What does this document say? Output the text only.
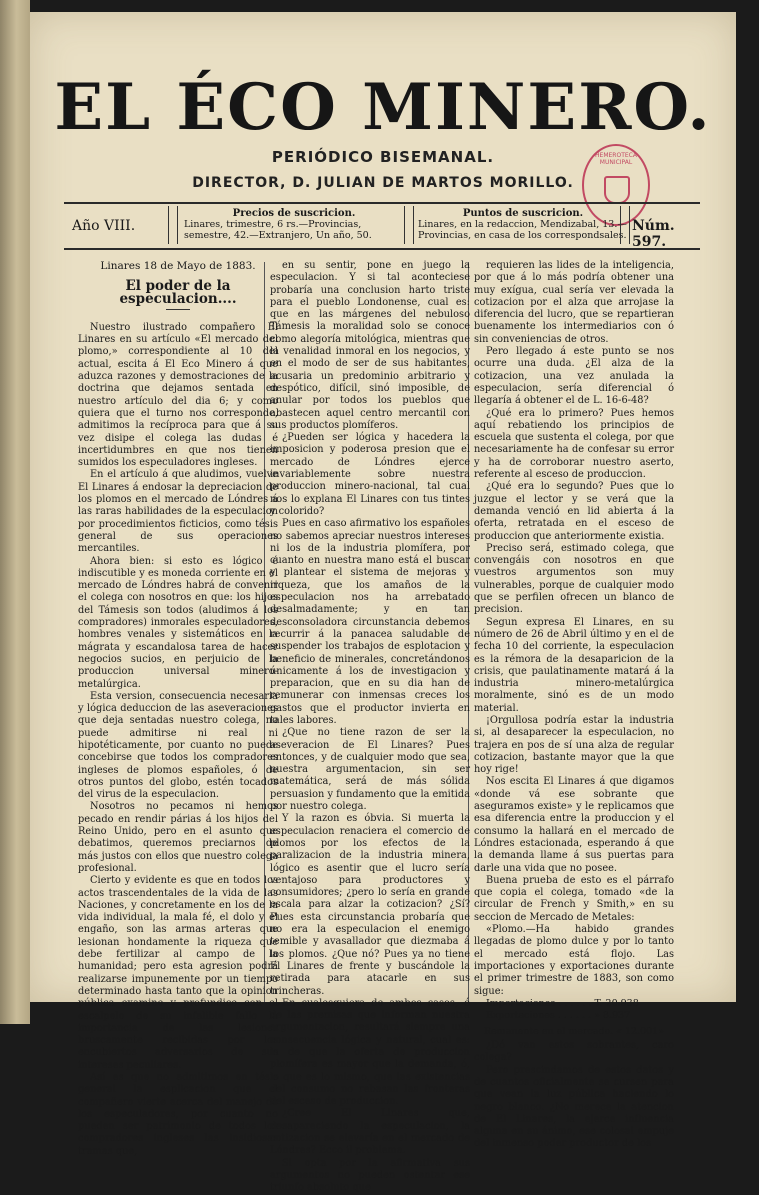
EL ÉCO MINERO.
PERIÓDICO BISEMANAL.
DIRECTOR, D. JULIAN DE MARTOS MORILLO.
HEMEROTECA MUNICIPAL
Año VIII.
Precios de suscricion.
Linares, trimestre, 6 rs.—Provincias, semestre, 42.—Extranjero, Un año, 50.
Puntos de suscricion.
Linares, en la redaccion, Mendizabal, 13.—Provincias, en casa de los correspondsales.
Núm. 597.

Linares 18 de Mayo de 1883.

El poder de la especulacion....

Nuestro ilustrado compañero El Linares en su artículo «El mercado del plomo,» correspondiente al 10 del actual, escita á El Eco Minero á que aduzca razones y demostraciones de la doctrina que dejamos sentada en nuestro artículo del dia 6; y como quiera que el turno nos corresponde, admitimos la recíproca para que á su vez disipe el colega las dudas é incertidumbres en que nos tienen sumidos los especuladores ingleses.

En el artículo á que aludimos, vuelve El Linares á endosar la depreciacion de los plomos en el mercado de Lóndres á las raras habilidades de la especulacion por procedimientos ficticios, como tésis general de sus operaciones mercantiles.

Ahora bien: si esto es lógico é indiscutible y es moneda corriente en el mercado de Lóndres habrá de convenir el colega con nosotros en que: los hijos del Támesis son todos (aludimos á los compradores) inmorales especuladores, hombres venales y sistemáticos en la mágrata y escandalosa tarea de hacer negocios sucios, en perjuicio de la produccion universal minero-metalúrgica.

Esta version, consecuencia necesaria y lógica deduccion de las aseveraciones que deja sentadas nuestro colega, no puede admitirse ni real ni hipotéticamente, por cuanto no puede concebirse que todos los compradores ingleses de plomos españoles, ó de otros puntos del globo, estén tocados del virus de la especulacion.

Nosotros no pecamos ni hemos pecado en rendir párias á los hijos del Reino Unido, pero en el asunto que debatimos, queremos preciarnos de más justos con ellos que nuestro colega profesional.

Cierto y evidente es que en todos los actos trascendentales de la vida de las Naciones, y concretamente en los de la vida individual, la mala fé, el dolo y el engaño, son las armas arteras que lesionan hondamente la riqueza que debe fertilizar al campo de la humanidad; pero esta agresion podrá realizarse impunemente por un tiempo determinado hasta tanto que la opinion pública examine y profundice con el escalpelo de su infalible fallo la importancia de las lesiones bruscamente recibidas por los encubiertos adversarios de sus intereses peculiares.

Así es que no admitimos en tésis general la esplicacion que el compañero vierte acerca del manejo de los especuladores, por cuanto no pueden ser patrimonio de todos los compradores ingleses las insidiosas tramas que,

en su sentir, pone en juego la especulacion. Y si tal aconteciese probaría una conclusion harto triste para el pueblo Londonense, cual es: que en las márgenes del nebuloso Támesis la moralidad solo se conoce como alegoría mitológica, mientras que la venalidad inmoral en los negocios, y en el modo de ser de sus habitantes, acusaria un predominio arbitrario y despótico, difícil, sinó imposible, de anular por todos los pueblos que abastecen aquel centro mercantil con sus productos plomíferos.

¿Pueden ser lógica y hacedera la imposicion y poderosa presion que el mercado de Lóndres ejerce invariablemente sobre nuestra produccion minero-nacional, tal cual nos lo explana El Linares con tus tintes y colorido?

Pues en caso afirmativo los españoles no sabemos apreciar nuestros intereses ni los de la industria plomífera, por cuanto en nuestra mano está el buscar y plantear el sistema de mejoras y riqueza, que los amaños de la especulacion nos ha arrebatado desalmadamente; y en tan desconsoladora circunstancia debemos recurrir á la panacea saludable de suspender los trabajos de esplotacion y beneficio de minerales, concretándonos únicamente á los de investigacion y preparacion, que en su dia han de remunerar con inmensas creces los gastos que el productor invierta en tales labores.

¿Que no tiene razon de ser la aseveracion de El Linares? Pues entonces, y de cualquier modo que sea, nuestra argumentacion, sin ser matemática, será de más sólida persuasion y fundamento que la emitida por nuestro colega.

Y la razon es óbvia. Si muerta la especulacion renaciera el comercio de plomos por los efectos de la paralizacion de la industria minera, lógico es asentir que el lucro sería ventajoso para productores y consumidores; ¿pero lo sería en grande escala para alzar la cotizacion? ¿Sí? Pues esta circunstancia probaría que no era la especulacion el enemigo temible y avasallador que diezmaba á los plomos. ¿Que nó? Pues ya no tiene El Linares de frente y buscándole la retirada para atacarle en sus trincheras.

En cualesquiera de ambos casos, ó de las premisas que informan nuestra argumentacion, resultará siempre una consecuencia lógica y natural, cual es: la de que la oferta de produccion plomífera es mayor que la demanda, ó, lo que es lo mismo, que las existencias del consumo no rebasan las fronteras del esceso de produccion.

¿Cree El Linares que, desapareciendo la especulacion, la cotizacion se elevaría en el mercado de Lóndres? Ecco il problema.

Si opta por la afirmativa sus argumentos no pueden ostentar ese triunfo absoluto que

requieren las lides de la inteligencia, por que á lo más podría obtener una muy exígua, cual sería ver elevada la cotizacion por el alza que arrojase la diferencia del lucro, que se repartieran buenamente los intermediarios con ó sin conveniencias de otros.

Pero llegado á este punto se nos ocurre una duda. ¿El alza de la cotizacion, una vez anulada la especulacion, sería diferencial ó llegaría á obtener el de L. 16-6-48?

¿Qué era lo primero? Pues hemos aquí rebatiendo los principios de escuela que sustenta el colega, por que necesariamente ha de confesar su error y ha de corroborar nuestro aserto, referente al esceso de produccion.

¿Qué era lo segundo? Pues que lo juzgue el lector y se verá que la demanda venció en lid abierta á la oferta, retratada en el esceso de produccion que anteriormente existia.

Preciso será, estimado colega, que convengáis con nosotros en que vuestros argumentos son muy vulnerables, porque de cualquier modo que se perfilen ofrecen un blanco de precision.

Segun expresa El Linares, en su número de 26 de Abril último y en el de fecha 10 del corriente, la especulacion es la rémora de la desaparicion de la crisis, que paulatinamente matará á la industria minero-metalúrgica moralmente, sinó es de un modo material.

¡Orgullosa podría estar la industria si, al desaparecer la especulacion, no trajera en pos de sí una alza de regular cotizacion, bastante mayor que la que hoy rige!

Nos escita El Linares á que digamos «donde vá ese sobrante que aseguramos existe» y le replicamos que esa diferencia entre la produccion y el consumo la hallará en el mercado de Lóndres estacionada, esperando á que la demanda llame á sus puertas para darle una vida que no posee.

Buena prueba de esto es el párrafo que copia el colega, tomado «de la circular de French y Smith,» en su seccion de Mercado de Metales:

«Plomo.—Ha habido grandes llegadas de plomo dulce y por lo tanto el mercado está flojo. Las importaciones y exportaciones durante el primer trimestre de 1883, son como sigue:

Importaciones . . . . . . T. 20.938

Exportaciones . . . . . . » 8.937

Remanente en el mercado. « 12.001»

¿Dó van estos sobrantes, caro colega?

Pero prescindamos de estos datos y de cuantos oficialmente se cursen para que vean la luz pública haciendo lo negro blanco. ¿No merece la atencion de El Linares, la ejerce influencia alguna en su ánimo, ese colosal empuje del inmenso poder productor de los
